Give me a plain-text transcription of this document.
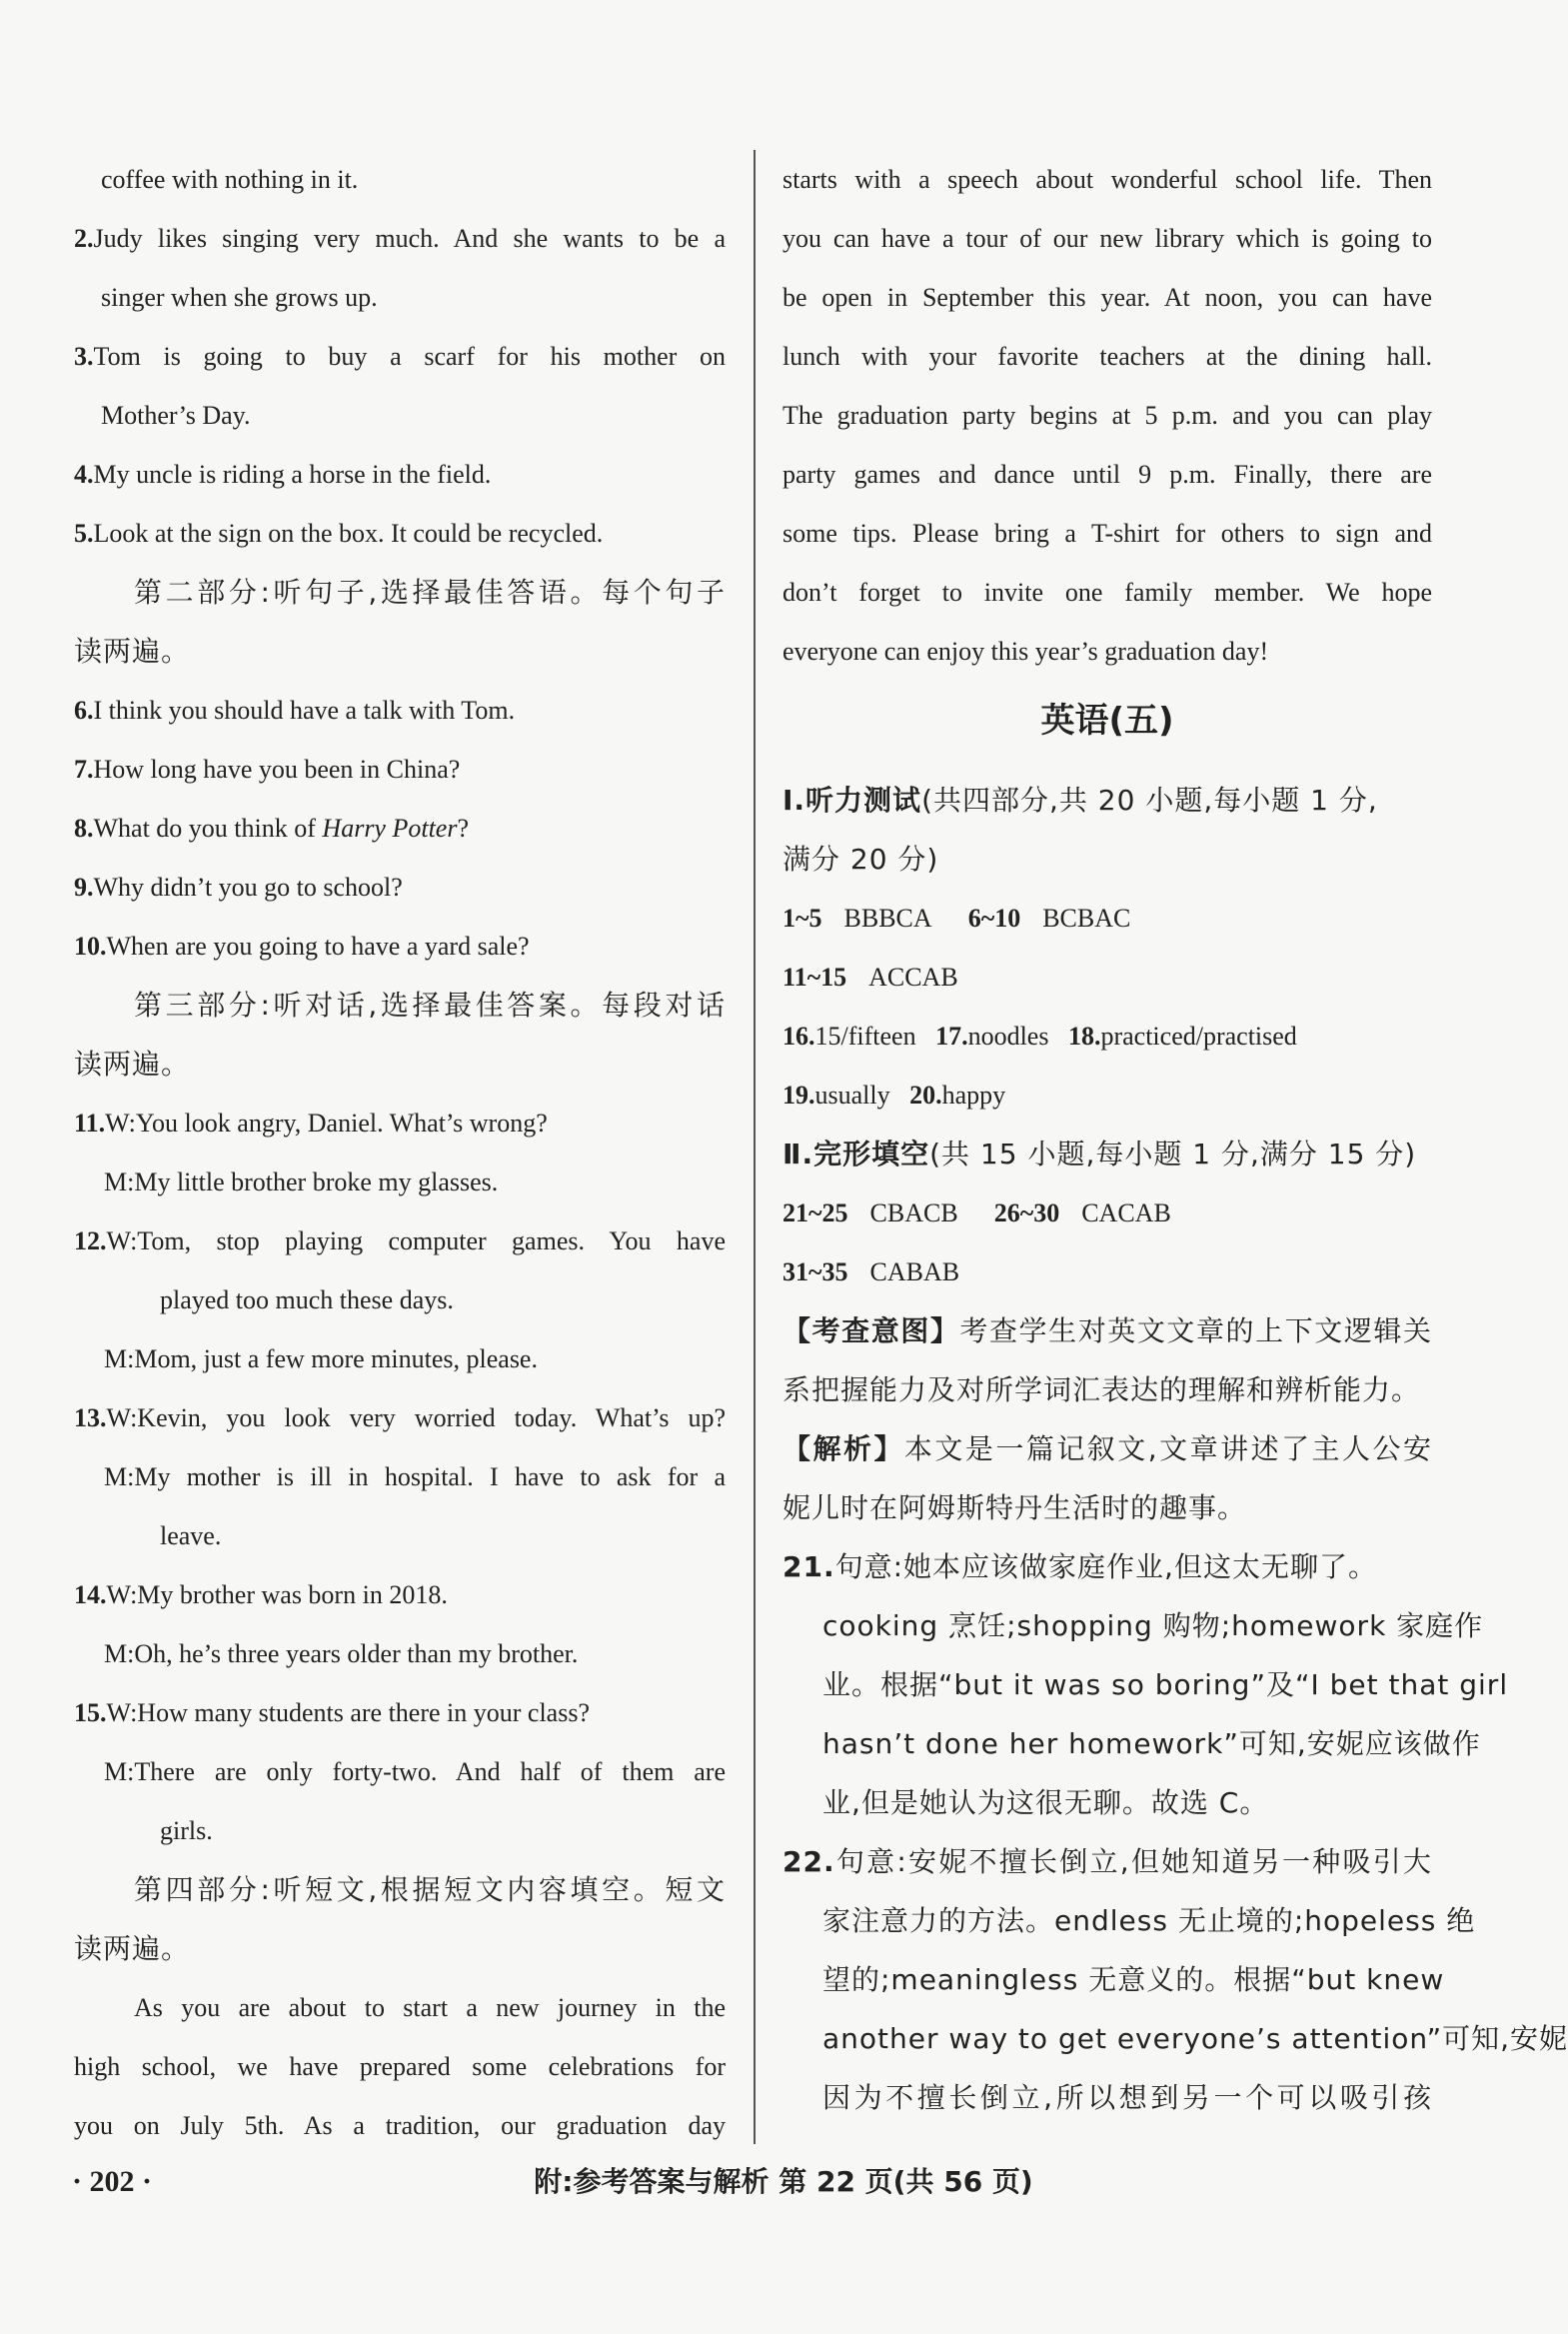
coffee with nothing in it.
2.Judy likes singing very much. And she wants to be a
singer when she grows up.
3.Tom is going to buy a scarf for his mother on
Mother’s Day.
4.My uncle is riding a horse in the field.
5.Look at the sign on the box. It could be recycled.
第二部分:听句子,选择最佳答语。每个句子
读两遍。
6.I think you should have a talk with Tom.
7.How long have you been in China?
8.What do you think of Harry Potter?
9.Why didn’t you go to school?
10.When are you going to have a yard sale?
第三部分:听对话,选择最佳答案。每段对话
读两遍。
11.W:You look angry, Daniel. What’s wrong?
M:My little brother broke my glasses.
12.W:Tom, stop playing computer games. You have
played too much these days.
M:Mom, just a few more minutes, please.
13.W:Kevin, you look very worried today. What’s up?
M:My mother is ill in hospital. I have to ask for a
leave.
14.W:My brother was born in 2018.
M:Oh, he’s three years older than my brother.
15.W:How many students are there in your class?
M:There are only forty-two. And half of them are
girls.
第四部分:听短文,根据短文内容填空。短文
读两遍。
As you are about to start a new journey in the
high school, we have prepared some celebrations for
you on July 5th. As a tradition, our graduation day
starts with a speech about wonderful school life. Then
you can have a tour of our new library which is going to
be open in September this year. At noon, you can have
lunch with your favorite teachers at the dining hall.
The graduation party begins at 5 p.m. and you can play
party games and dance until 9 p.m. Finally, there are
some tips. Please bring a T-shirt for others to sign and
don’t forget to invite one family member. We hope
everyone can enjoy this year’s graduation day!
英语(五)
Ⅰ.听力测试(共四部分,共 20 小题,每小题 1 分,
满分 20 分)
1~5 BBBCA 6~10 BCBAC
11~15 ACCAB
16.15/fifteen 17.noodles 18.practiced/practised
19.usually 20.happy
Ⅱ.完形填空(共 15 小题,每小题 1 分,满分 15 分)
21~25 CBACB 26~30 CACAB
31~35 CABAB
【考查意图】考查学生对英文文章的上下文逻辑关
系把握能力及对所学词汇表达的理解和辨析能力。
【解析】本文是一篇记叙文,文章讲述了主人公安
妮儿时在阿姆斯特丹生活时的趣事。
21.句意:她本应该做家庭作业,但这太无聊了。
cooking 烹饪;shopping 购物;homework 家庭作
业。根据“but it was so boring”及“I bet that girl
hasn’t done her homework”可知,安妮应该做作
业,但是她认为这很无聊。故选 C。
22.句意:安妮不擅长倒立,但她知道另一种吸引大
家注意力的方法。endless 无止境的;hopeless 绝
望的;meaningless 无意义的。根据“but knew
another way to get everyone’s attention”可知,安妮
因为不擅长倒立,所以想到另一个可以吸引孩
附:参考答案与解析 第 22 页(共 56 页)
· 202 ·
